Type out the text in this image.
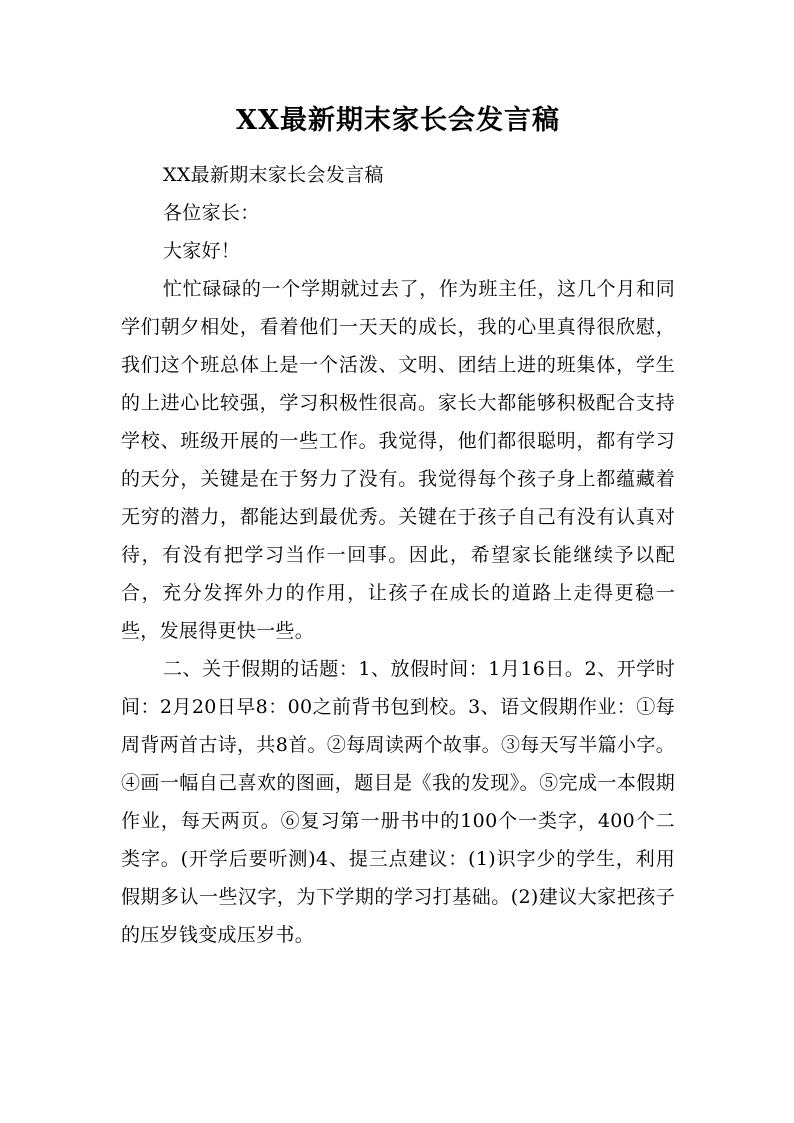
XX最新期末家长会发言稿

XX最新期末家长会发言稿

各位家长：

大家好！

忙忙碌碌的一个学期就过去了，作为班主任，这几个月和同学们朝夕相处，看着他们一天天的成长，我的心里真得很欣慰，我们这个班总体上是一个活泼、文明、团结上进的班集体，学生的上进心比较强，学习积极性很高。家长大都能够积极配合支持学校、班级开展的一些工作。我觉得，他们都很聪明，都有学习的天分，关键是在于努力了没有。我觉得每个孩子身上都蕴藏着无穷的潜力，都能达到最优秀。关键在于孩子自己有没有认真对待，有没有把学习当作一回事。因此，希望家长能继续予以配合，充分发挥外力的作用，让孩子在成长的道路上走得更稳一些，发展得更快一些。

二、关于假期的话题：1、放假时间：1月16日。2、开学时间：2月20日早8：00之前背书包到校。3、语文假期作业：①每周背两首古诗，共8首。②每周读两个故事。③每天写半篇小字。④画一幅自己喜欢的图画，题目是《我的发现》。⑤完成一本假期作业，每天两页。⑥复习第一册书中的100个一类字，400个二类字。(开学后要听测)4、提三点建议：(1)识字少的学生，利用假期多认一些汉字，为下学期的学习打基础。(2)建议大家把孩子的压岁钱变成压岁书。
